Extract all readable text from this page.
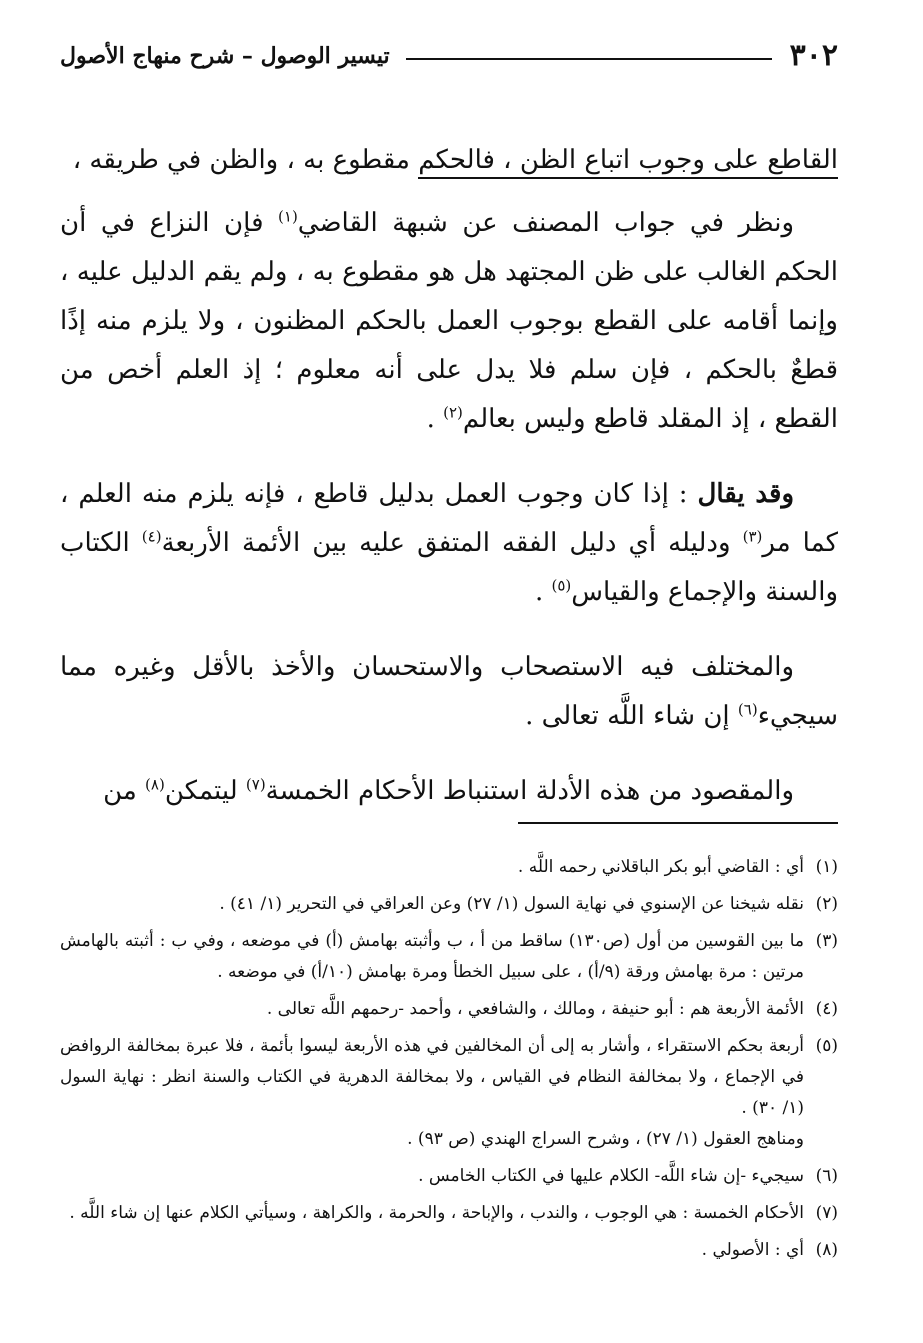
٣٠٢
تيسير الوصول – شرح منهاج الأصول

القاطع على وجوب اتباع الظن ، فالحكم مقطوع به ، والظن في طريقه ،

ونظر في جواب المصنف عن شبهة القاضي$^{(١)}$ فإن النزاع في أن الحكم الغالب على ظن المجتهد هل هو مقطوع به ، ولم يقم الدليل عليه ، وإنما أقامه على القطع بوجوب العمل بالحكم المظنون ، ولا يلزم منه إذًا قطعٌ بالحكم ، فإن سلم فلا يدل على أنه معلوم ؛ إذ العلم أخص من القطع ، إذ المقلد قاطع وليس بعالم$^{(٢)}$ .

وقد يقال : إذا كان وجوب العمل بدليل قاطع ، فإنه يلزم منه العلم ، كما مر$^{(٣)}$ ودليله أي دليل الفقه المتفق عليه بين الأئمة الأربعة$^{(٤)}$ الكتاب والسنة والإجماع والقياس$^{(٥)}$ .

والمختلف فيه الاستصحاب والاستحسان والأخذ بالأقل وغيره مما سيجيء$^{(٦)}$ إن شاء اللَّه تعالى .

والمقصود من هذه الأدلة استنباط الأحكام الخمسة$^{(٧)}$ ليتمكن$^{(٨)}$ من

(١)
أي : القاضي أبو بكر الباقلاني رحمه اللَّه .
(٢)
نقله شيخنا عن الإسنوي في نهاية السول (١/ ٢٧) وعن العراقي في التحرير (١/ ٤١) .
(٣)
ما بين القوسين من أول (ص١٣٠) ساقط من أ ، ب وأثبته بهامش (أ) في موضعه ، وفي ب : أثبته بالهامش مرتين : مرة بهامش ورقة (٩/أ) ، على سبيل الخطأ ومرة بهامش (١٠/أ) في موضعه .
(٤)
الأئمة الأربعة هم : أبو حنيفة ، ومالك ، والشافعي ، وأحمد -رحمهم اللَّه تعالى .
(٥)
أربعة بحكم الاستقراء ، وأشار به إلى أن المخالفين في هذه الأربعة ليسوا بأئمة ، فلا عبرة بمخالفة الروافض في الإجماع ، ولا بمخالفة النظام في القياس ، ولا بمخالفة الدهرية في الكتاب والسنة انظر : نهاية السول (١/ ٣٠) .
ومناهج العقول (١/ ٢٧) ، وشرح السراج الهندي (ص ٩٣) .
(٦)
سيجيء -إن شاء اللَّه- الكلام عليها في الكتاب الخامس .
(٧)
الأحكام الخمسة : هي الوجوب ، والندب ، والإباحة ، والحرمة ، والكراهة ، وسيأتي الكلام عنها إن شاء اللَّه .
(٨)
أي : الأصولي .
